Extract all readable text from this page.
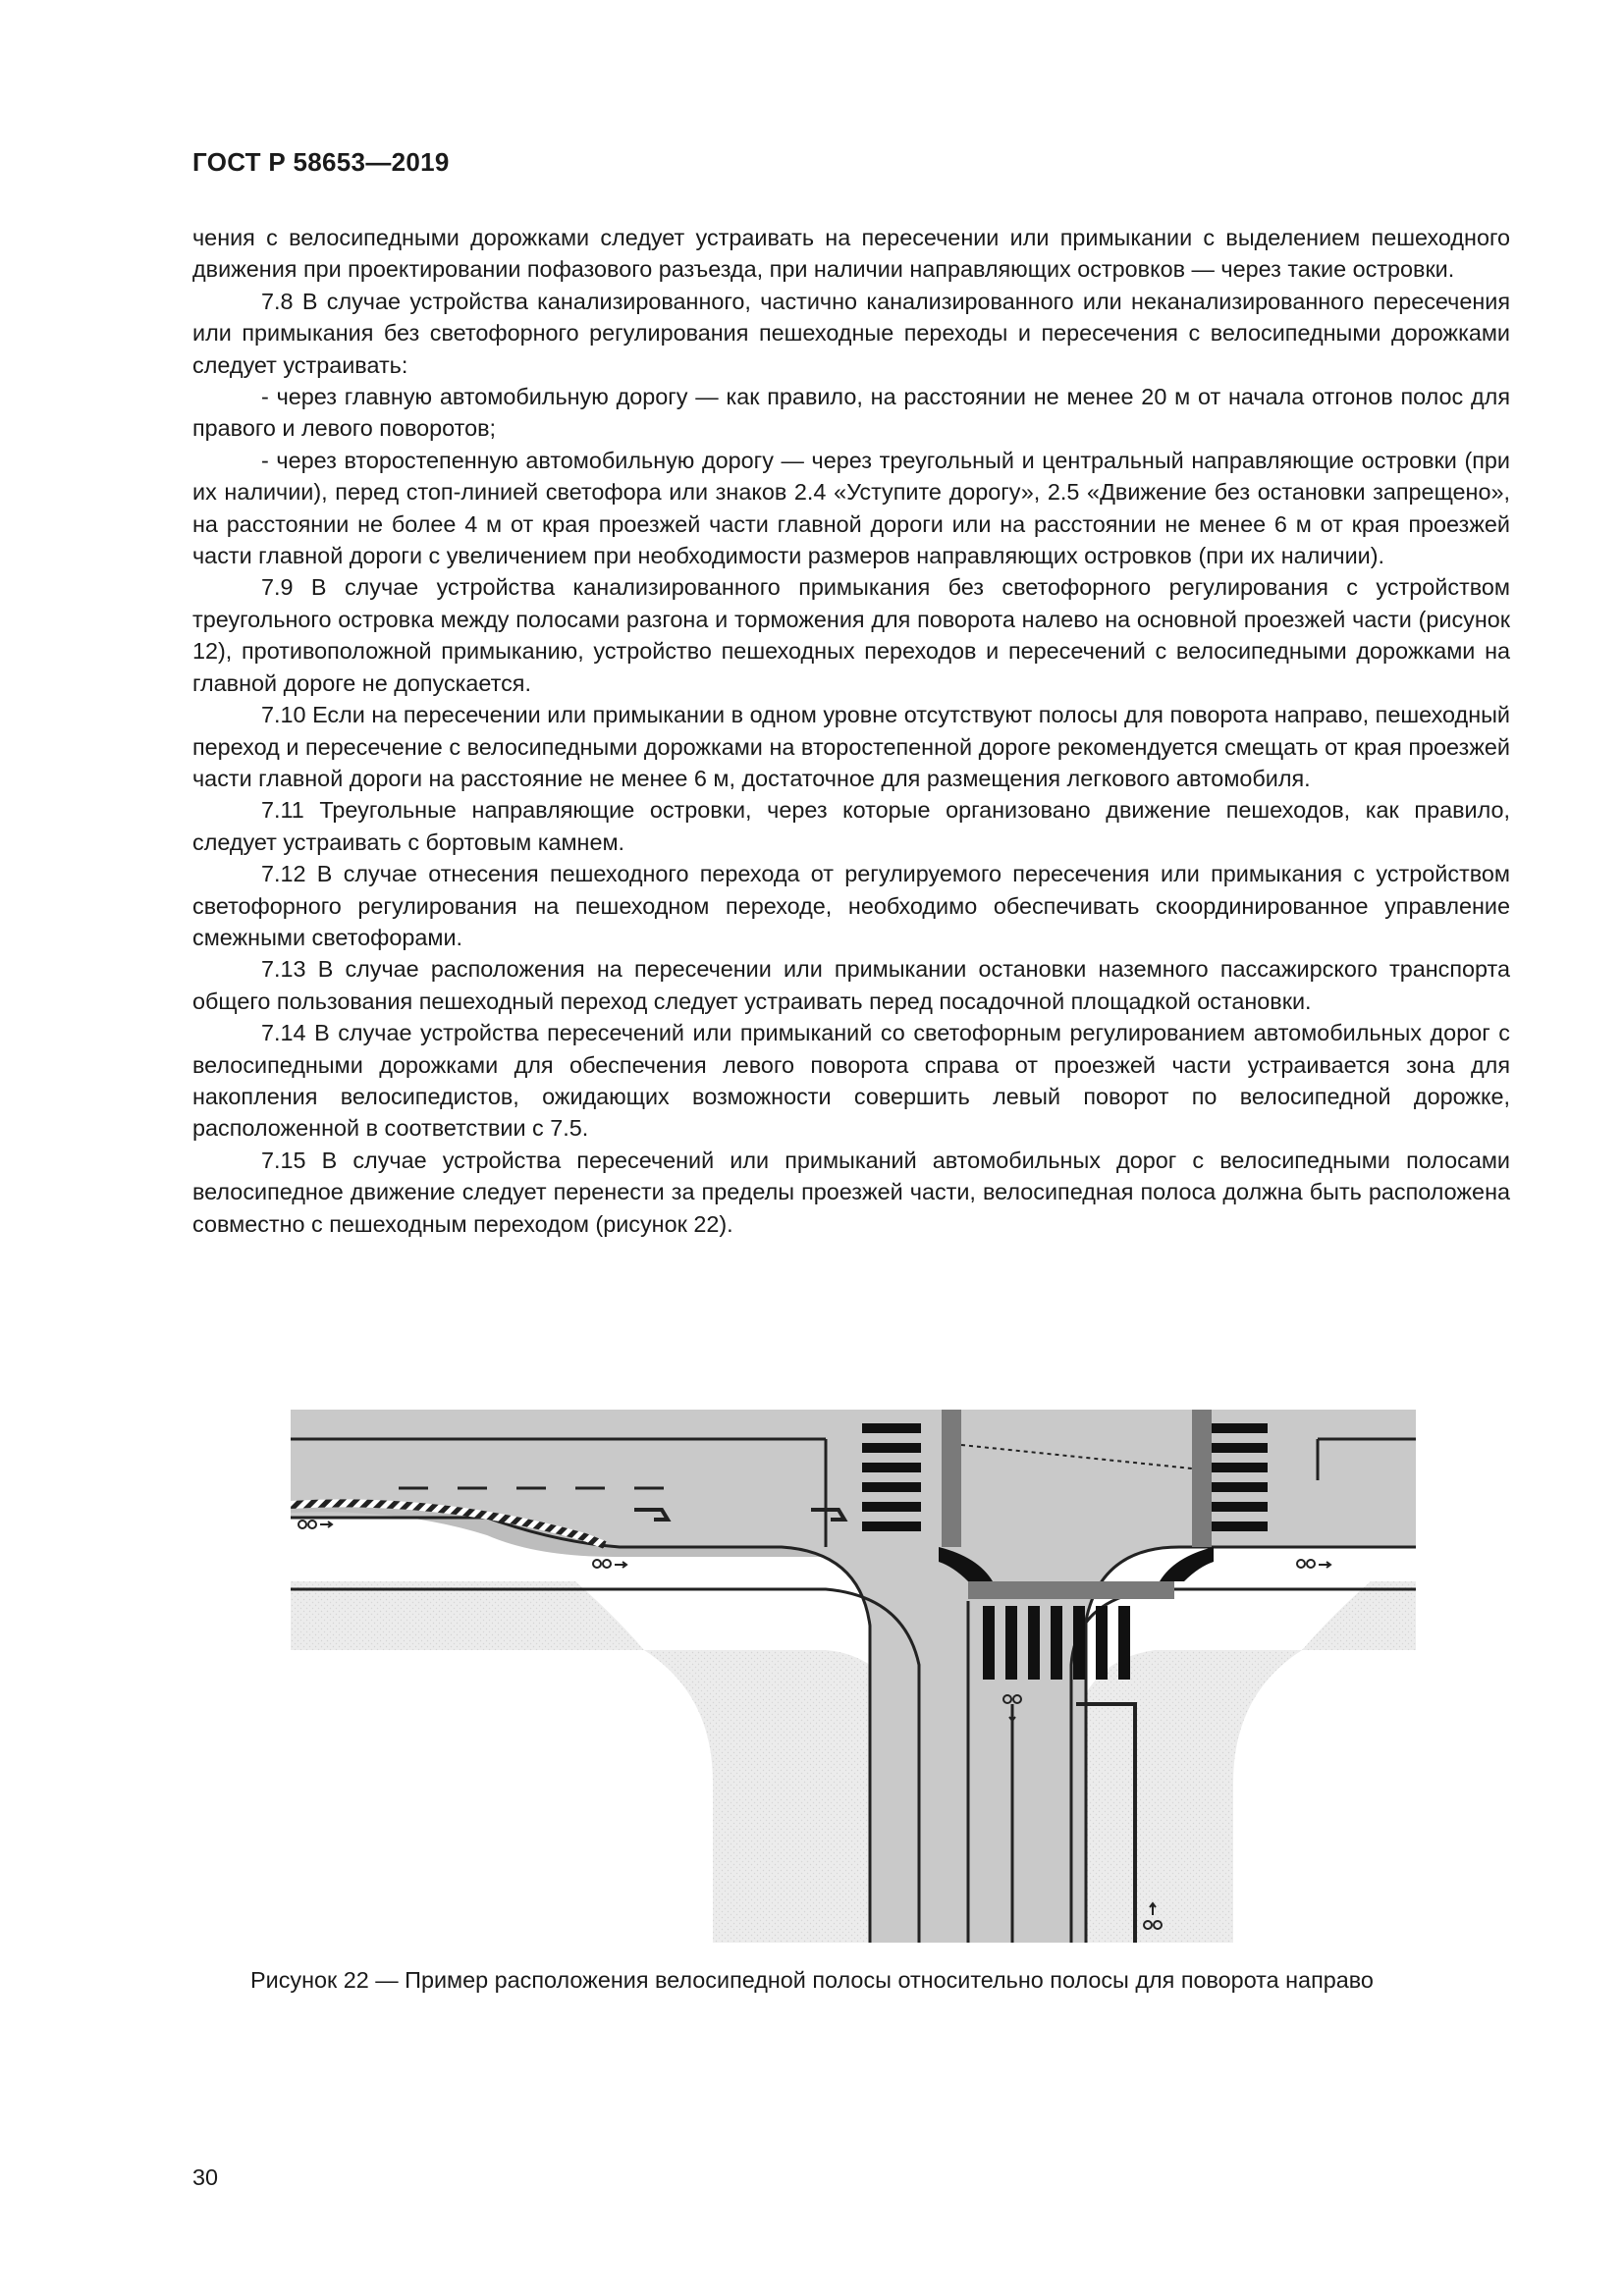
ГОСТ Р 58653—2019

чения с велосипедными дорожками следует устраивать на пересечении или примыкании с выделением пешеходного движения при проектировании пофазового разъезда, при наличии направляющих островков — через такие островки.

7.8 В случае устройства канализированного, частично канализированного или неканализированного пересечения или примыкания без светофорного регулирования пешеходные переходы и пересечения с велосипедными дорожками следует устраивать:

- через главную автомобильную дорогу — как правило, на расстоянии не менее 20 м от начала отгонов полос для правого и левого поворотов;

- через второстепенную автомобильную дорогу — через треугольный и центральный направляющие островки (при их наличии), перед стоп-линией светофора или знаков 2.4 «Уступите дорогу», 2.5 «Движение без остановки запрещено», на расстоянии не более 4 м от края проезжей части главной дороги или на расстоянии не менее 6 м от края проезжей части главной дороги с увеличением при необходимости размеров направляющих островков (при их наличии).

7.9 В случае устройства канализированного примыкания без светофорного регулирования с устройством треугольного островка между полосами разгона и торможения для поворота налево на основной проезжей части (рисунок 12), противоположной примыканию, устройство пешеходных переходов и пересечений с велосипедными дорожками на главной дороге не допускается.

7.10 Если на пересечении или примыкании в одном уровне отсутствуют полосы для поворота направо, пешеходный переход и пересечение с велосипедными дорожками на второстепенной дороге рекомендуется смещать от края проезжей части главной дороги на расстояние не менее 6 м, достаточное для размещения легкового автомобиля.

7.11 Треугольные направляющие островки, через которые организовано движение пешеходов, как правило, следует устраивать с бортовым камнем.

7.12 В случае отнесения пешеходного перехода от регулируемого пересечения или примыкания с устройством светофорного регулирования на пешеходном переходе, необходимо обеспечивать скоординированное управление смежными светофорами.

7.13 В случае расположения на пересечении или примыкании остановки наземного пассажирского транспорта общего пользования пешеходный переход следует устраивать перед посадочной площадкой остановки.

7.14 В случае устройства пересечений или примыканий со светофорным регулированием автомобильных дорог с велосипедными дорожками для обеспечения левого поворота справа от проезжей части устраивается зона для накопления велосипедистов, ожидающих возможности совершить левый поворот по велосипедной дорожке, расположенной в соответствии с 7.5.

7.15 В случае устройства пересечений или примыканий автомобильных дорог с велосипедными полосами велосипедное движение следует перенести за пределы проезжей части, велосипедная полоса должна быть расположена совместно с пешеходным переходом (рисунок 22).

Рисунок 22 — Пример расположения велосипедной полосы относительно полосы для поворота направо
30
